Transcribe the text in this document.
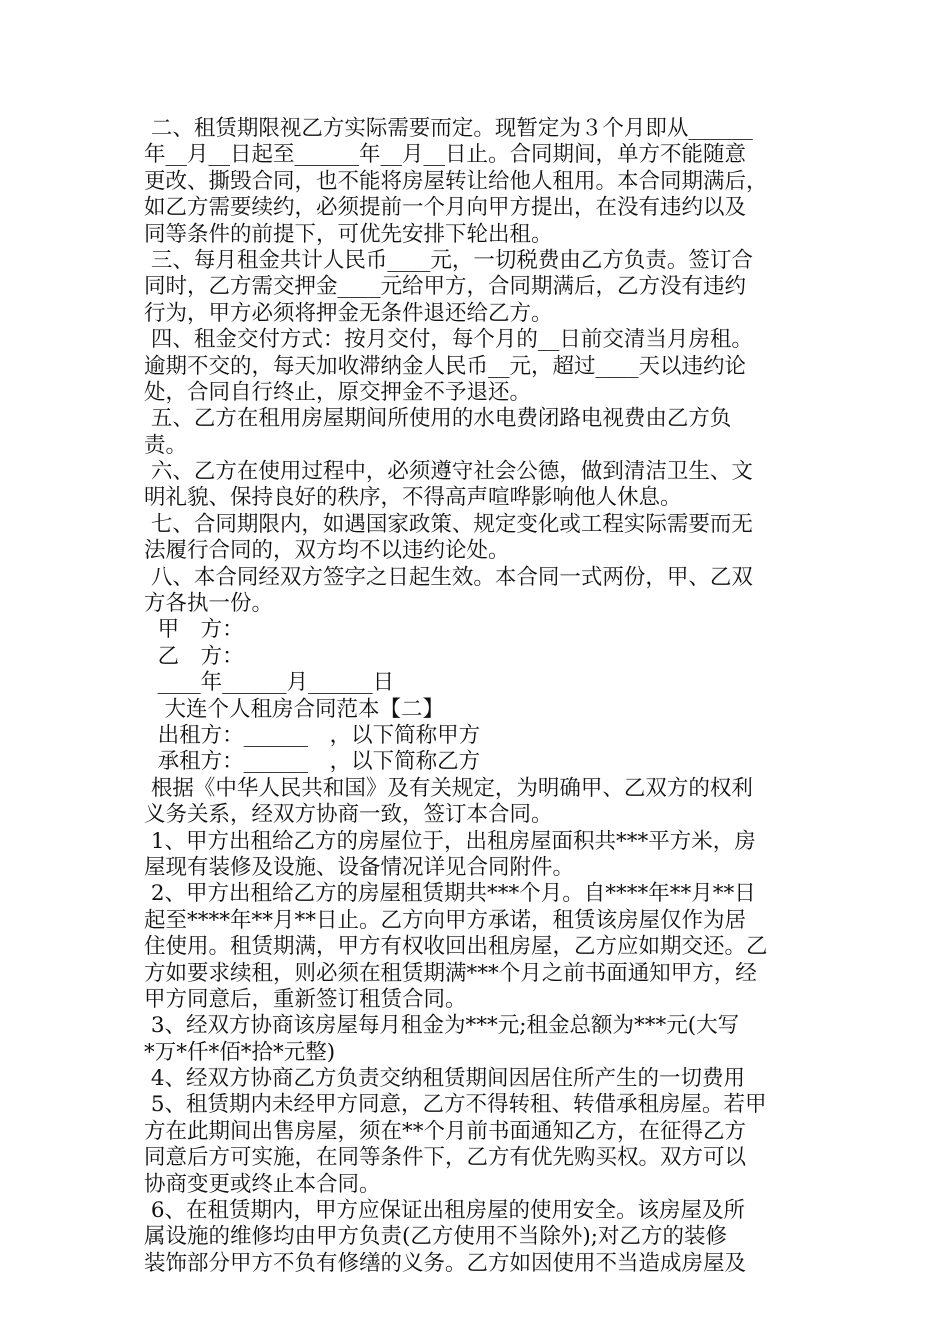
二、租赁期限视乙方实际需要而定。现暂定为３个月即从______
年__月__日起至______年__月__日止。合同期间，单方不能随意
更改、撕毁合同，也不能将房屋转让给他人租用。本合同期满后，
如乙方需要续约，必须提前一个月向甲方提出，在没有违约以及
同等条件的前提下，可优先安排下轮出租。
三、每月租金共计人民币____元，一切税费由乙方负责。签订合
同时，乙方需交押金____元给甲方，合同期满后，乙方没有违约
行为，甲方必须将押金无条件退还给乙方。
四、租金交付方式：按月交付，每个月的__日前交清当月房租。
逾期不交的，每天加收滞纳金人民币__元，超过____天以违约论
处，合同自行终止，原交押金不予退还。
五、乙方在租用房屋期间所使用的水电费闭路电视费由乙方负
责。
六、乙方在使用过程中，必须遵守社会公德，做到清洁卫生、文
明礼貌、保持良好的秩序，不得高声喧哗影响他人休息。
七、合同期限内，如遇国家政策、规定变化或工程实际需要而无
法履行合同的，双方均不以违约论处。
八、本合同经双方签字之日起生效。本合同一式两份，甲、乙双
方各执一份。
甲　方：
乙　方：
____年______月______日
大连个人租房合同范本【二】
出租方：______　，以下简称甲方
承租方：______　，以下简称乙方
根据《中华人民共和国》及有关规定，为明确甲、乙双方的权利
义务关系，经双方协商一致，签订本合同。
1、甲方出租给乙方的房屋位于，出租房屋面积共***平方米，房
屋现有装修及设施、设备情况详见合同附件。
2、甲方出租给乙方的房屋租赁期共***个月。自****年**月**日
起至****年**月**日止。乙方向甲方承诺，租赁该房屋仅作为居
住使用。租赁期满，甲方有权收回出租房屋，乙方应如期交还。乙
方如要求续租，则必须在租赁期满***个月之前书面通知甲方，经
甲方同意后，重新签订租赁合同。
3、经双方协商该房屋每月租金为***元;租金总额为***元(大写
*万*仟*佰*拾*元整)
4、经双方协商乙方负责交纳租赁期间因居住所产生的一切费用
5、租赁期内未经甲方同意，乙方不得转租、转借承租房屋。若甲
方在此期间出售房屋，须在**个月前书面通知乙方，在征得乙方
同意后方可实施，在同等条件下，乙方有优先购买权。双方可以
协商变更或终止本合同。
6、在租赁期内，甲方应保证出租房屋的使用安全。该房屋及所
属设施的维修均由甲方负责(乙方使用不当除外);对乙方的装修
装饰部分甲方不负有修缮的义务。乙方如因使用不当造成房屋及
